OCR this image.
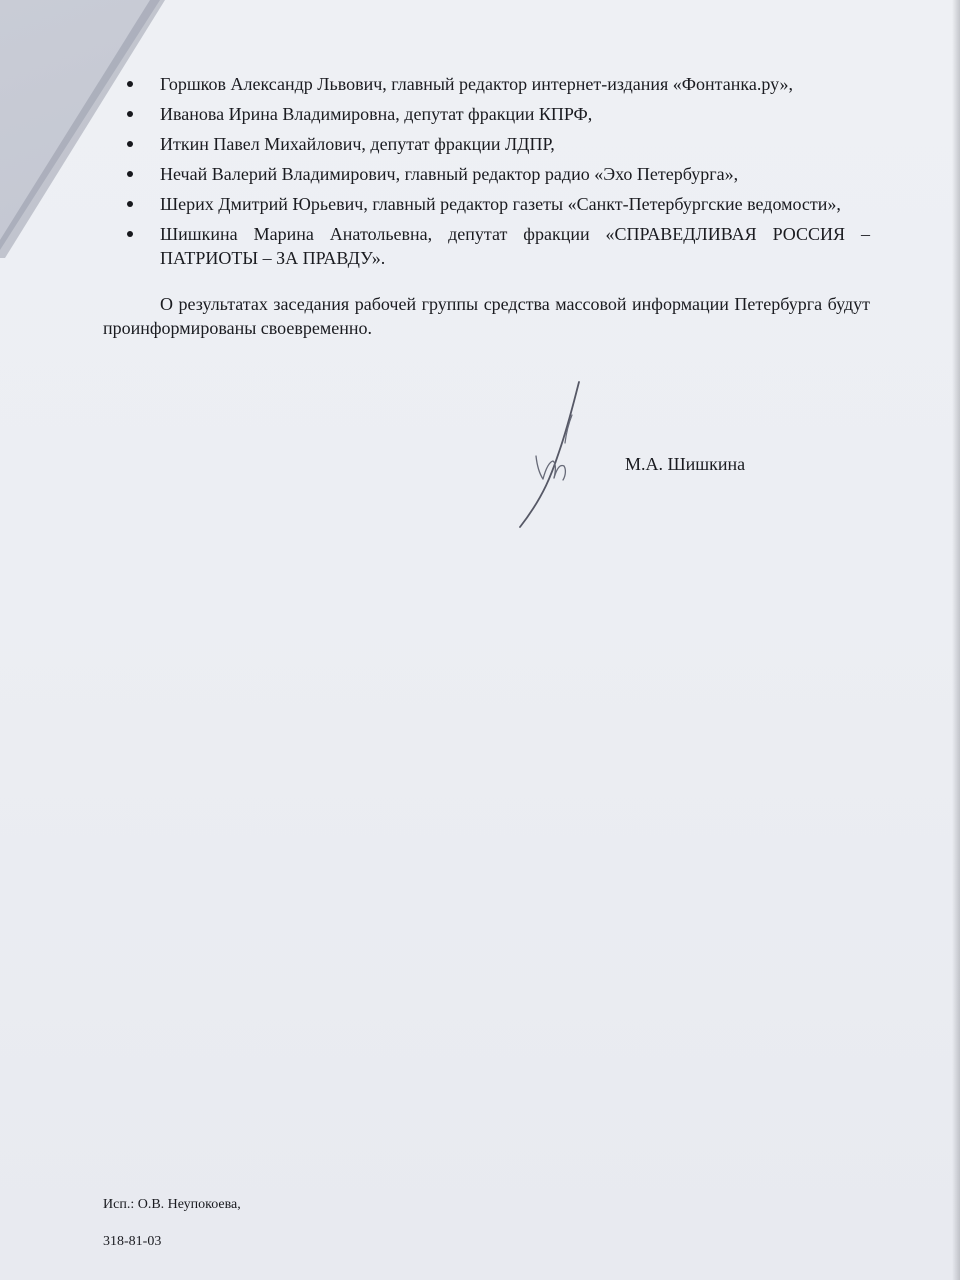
Горшков Александр Львович, главный редактор интернет-издания «Фонтанка.ру»,
Иванова Ирина Владимировна, депутат фракции КПРФ,
Иткин Павел Михайлович, депутат фракции ЛДПР,
Нечай Валерий Владимирович, главный редактор радио «Эхо Петербурга»,
Шерих Дмитрий Юрьевич, главный редактор газеты «Санкт-Петербургские ведомости»,
Шишкина Марина Анатольевна, депутат фракции «СПРАВЕДЛИВАЯ РОССИЯ – ПАТРИОТЫ – ЗА ПРАВДУ».

О результатах заседания рабочей группы средства массовой информации Петербурга будут проинформированы своевременно.

М.А. Шишкина
Исп.: О.В. Неупокоева,
318-81-03
